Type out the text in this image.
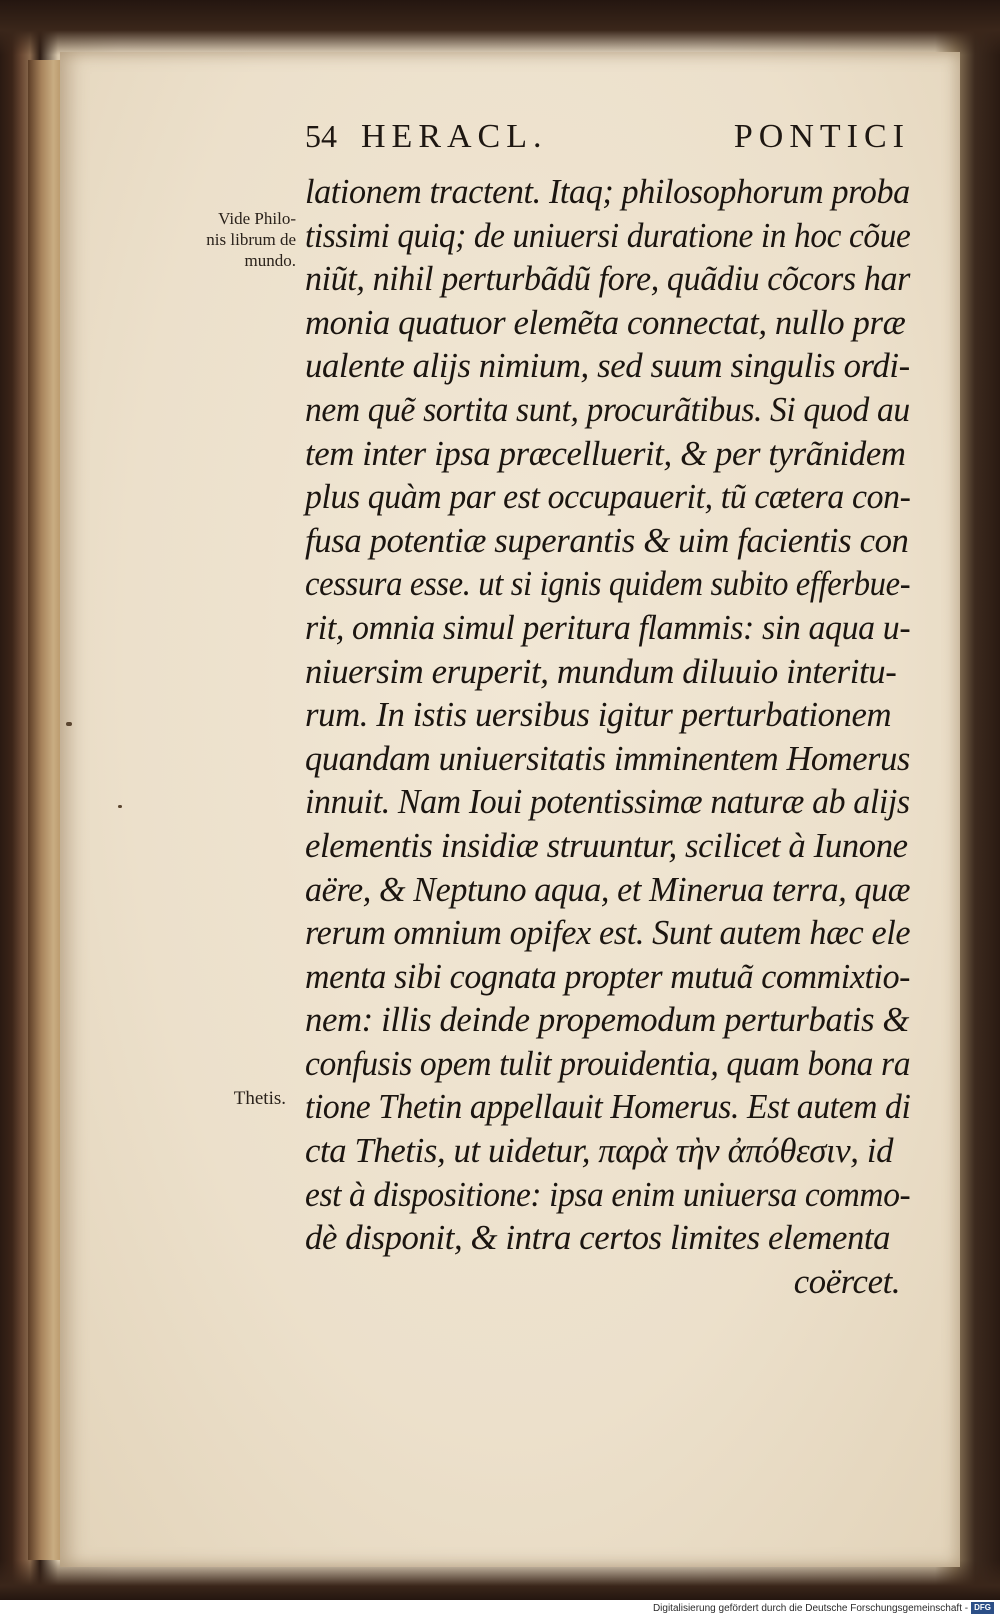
54 HERACL.	PONTICI
Vide Philo-
nis librum de
mundo.
Thetis.
lationem tractent. Itaq; philosophorum proba
tissimi quiq; de uniuersi duratione in hoc cõue
niũt, nihil perturbãdũ fore, quãdiu cõcors har
monia quatuor elemẽta connectat, nullo præ
ualente alijs nimium, sed suum singulis ordi-
nem quẽ sortita sunt, procurãtibus. Si quod au
tem inter ipsa præcelluerit, & per tyrãnidem
plus quàm par est occupauerit, tũ cætera con-
fusa potentiæ superantis & uim facientis con
cessura esse. ut si ignis quidem subito efferbue-
rit, omnia simul peritura flammis: sin aqua u-
niuersim eruperit, mundum diluuio interitu-
rum. In istis uersibus igitur perturbationem
quandam uniuersitatis imminentem Homerus
innuit. Nam Ioui potentissimæ naturæ ab alijs
elementis insidiæ struuntur, scilicet à Iunone
aëre, & Neptuno aqua, et Minerua terra, quæ
rerum omnium opifex est. Sunt autem hæc ele
menta sibi cognata propter mutuã commixtio-
nem: illis deinde propemodum perturbatis &
confusis opem tulit prouidentia, quam bona ra
tione Thetin appellauit Homerus. Est autem di
cta Thetis, ut uidetur, παρὰ τὴν ἀπόθεσιν, id
est à dispositione: ipsa enim uniuersa commo-
dè disponit, & intra certos limites elementa
coërcet.
Digitalisierung gefördert durch die Deutsche Forschungsgemeinschaft - DFG
